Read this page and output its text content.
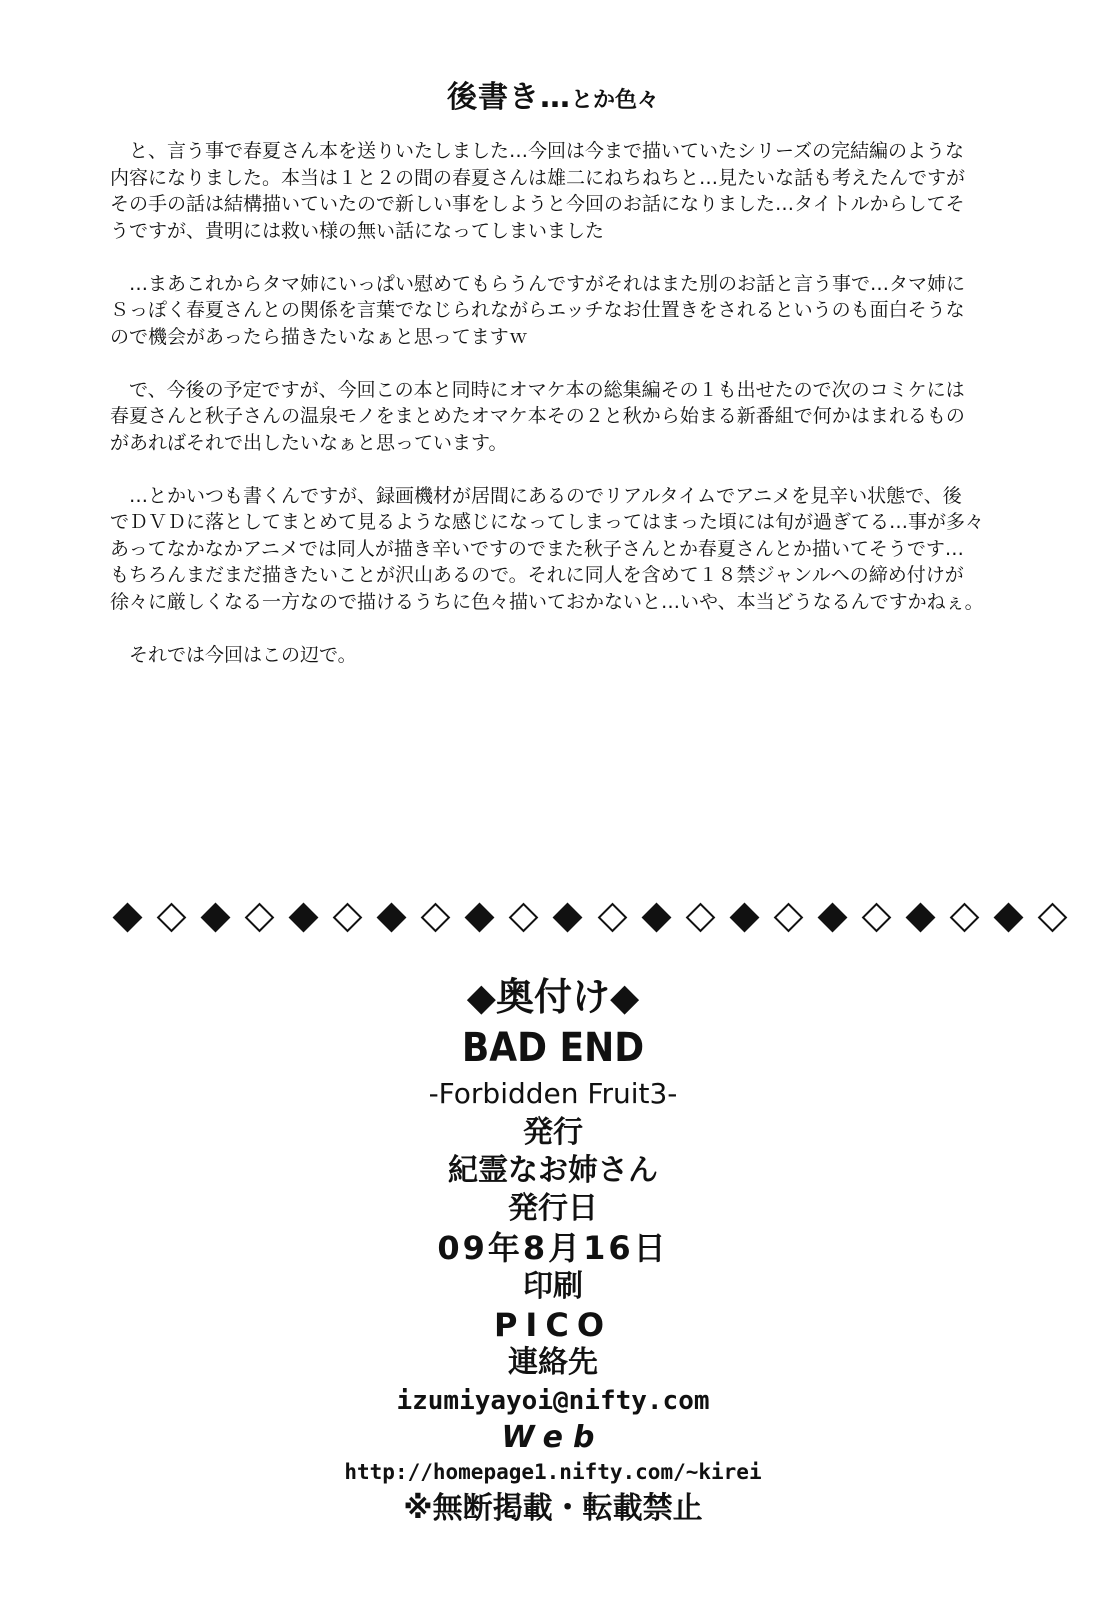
後書き…とか色々
　と、言う事で春夏さん本を送りいたしました…今回は今まで描いていたシリーズの完結編のような
内容になりました。本当は１と２の間の春夏さんは雄二にねちねちと…見たいな話も考えたんですが
その手の話は結構描いていたので新しい事をしようと今回のお話になりました…タイトルからしてそ
うですが、貴明には救い様の無い話になってしまいました
　…まあこれからタマ姉にいっぱい慰めてもらうんですがそれはまた別のお話と言う事で…タマ姉に
Ｓっぽく春夏さんとの関係を言葉でなじられながらエッチなお仕置きをされるというのも面白そうな
ので機会があったら描きたいなぁと思ってますｗ
　で、今後の予定ですが、今回この本と同時にオマケ本の総集編その１も出せたので次のコミケには
春夏さんと秋子さんの温泉モノをまとめたオマケ本その２と秋から始まる新番組で何かはまれるもの
があればそれで出したいなぁと思っています。
　…とかいつも書くんですが、録画機材が居間にあるのでリアルタイムでアニメを見辛い状態で、後
でＤＶＤに落としてまとめて見るような感じになってしまってはまった頃には旬が過ぎてる…事が多々
あってなかなかアニメでは同人が描き辛いですのでまた秋子さんとか春夏さんとか描いてそうです…
もちろんまだまだ描きたいことが沢山あるので。それに同人を含めて１８禁ジャンルへの締め付けが
徐々に厳しくなる一方なので描けるうちに色々描いておかないと…いや、本当どうなるんですかねぇ。
　それでは今回はこの辺で。
◆奥付け◆
BAD END
-Forbidden Fruit3-
発行
紀霊なお姉さん
発行日
09年8月16日
印刷
PICO
連絡先
izumiyayoi@nifty.com
Web
http://homepage1.nifty.com/~kirei
※無断掲載・転載禁止
